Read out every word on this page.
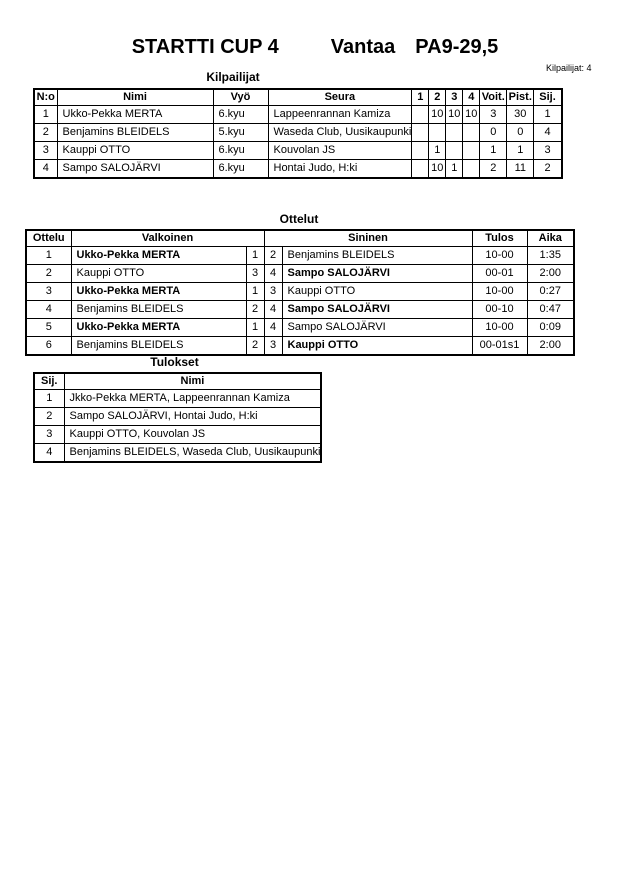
STARTTI CUP 4	Vantaa PA9-29,5
Kilpailijat: 4
Kilpailijat
N:o	Nimi	Vyö	Seura	1	2	3	4	Voit.	Pist.	Sij.
1	Ukko-Pekka MERTA	6.kyu	Lappeenrannan Kamiza		10	10	10	3	30	1
2	Benjamins BLEIDELS	5.kyu	Waseda Club, Uusikaupunki					0	0	4
3	Kauppi OTTO	6.kyu	Kouvolan JS		1			1	1	3
4	Sampo SALOJÄRVI	6.kyu	Hontai Judo, H:ki		10	1		2	11	2
Ottelut
Ottelu	Valkoinen		Sininen		Tulos	Aika
1	Ukko-Pekka MERTA	1	2	Benjamins BLEIDELS	10-00	1:35
2	Kauppi OTTO	3	4	Sampo SALOJÄRVI	00-01	2:00
3	Ukko-Pekka MERTA	1	3	Kauppi OTTO	10-00	0:27
4	Benjamins BLEIDELS	2	4	Sampo SALOJÄRVI	00-10	0:47
5	Ukko-Pekka MERTA	1	4	Sampo SALOJÄRVI	10-00	0:09
6	Benjamins BLEIDELS	2	3	Kauppi OTTO	00-01s1	2:00
Tulokset
Sij.	Nimi
1	Jkko-Pekka MERTA, Lappeenrannan Kamiza
2	Sampo SALOJÄRVI, Hontai Judo, H:ki
3	Kauppi OTTO, Kouvolan JS
4	Benjamins BLEIDELS, Waseda Club, Uusikaupunki
